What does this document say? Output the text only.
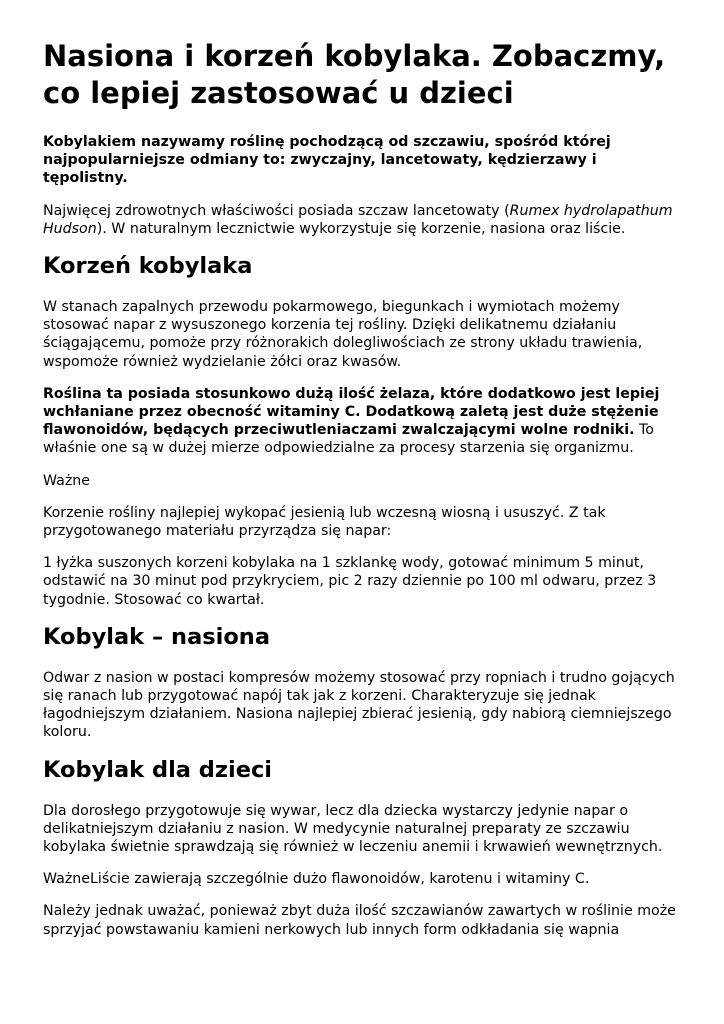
Nasiona i korzeń kobylaka. Zobaczmy, co lepiej zastosować u dzieci

Kobylakiem nazywamy roślinę pochodzącą od szczawiu, spośród której najpopularniejsze odmiany to: zwyczajny, lancetowaty, kędzierzawy i tępolistny.

Najwięcej zdrowotnych właściwości posiada szczaw lancetowaty (Rumex hydrolapathum Hudson). W naturalnym lecznictwie wykorzystuje się korzenie, nasiona oraz liście.

Korzeń kobylaka

W stanach zapalnych przewodu pokarmowego, biegunkach i wymiotach możemy stosować napar z wysuszonego korzenia tej rośliny. Dzięki delikatnemu działaniu ściągającemu, pomoże przy różnorakich dolegliwościach ze strony układu trawienia, wspomoże również wydzielanie żółci oraz kwasów.

Roślina ta posiada stosunkowo dużą ilość żelaza, które dodatkowo jest lepiej wchłaniane przez obecność witaminy C. Dodatkową zaletą jest duże stężenie flawonoidów, będących przeciwutleniaczami zwalczającymi wolne rodniki. To właśnie one są w dużej mierze odpowiedzialne za procesy starzenia się organizmu.

Ważne

Korzenie rośliny najlepiej wykopać jesienią lub wczesną wiosną i ususzyć. Z tak przygotowanego materiału przyrządza się napar:

1 łyżka suszonych korzeni kobylaka na 1 szklankę wody, gotować minimum 5 minut, odstawić na 30 minut pod przykryciem, pic 2 razy dziennie po 100 ml odwaru, przez 3 tygodnie. Stosować co kwartał.

Kobylak – nasiona

Odwar z nasion w postaci kompresów możemy stosować przy ropniach i trudno gojących się ranach lub przygotować napój tak jak z korzeni. Charakteryzuje się jednak łagodniejszym działaniem. Nasiona najlepiej zbierać jesienią, gdy nabiorą ciemniejszego koloru.

Kobylak dla dzieci

Dla dorosłego przygotowuje się wywar, lecz dla dziecka wystarczy jedynie napar o delikatniejszym działaniu z nasion. W medycynie naturalnej preparaty ze szczawiu kobylaka świetnie sprawdzają się również w leczeniu anemii i krwawień wewnętrznych.

WażneLiście zawierają szczególnie dużo flawonoidów, karotenu i witaminy C.

Należy jednak uważać, ponieważ zbyt duża ilość szczawianów zawartych w roślinie może sprzyjać powstawaniu kamieni nerkowych lub innych form odkładania się wapnia
